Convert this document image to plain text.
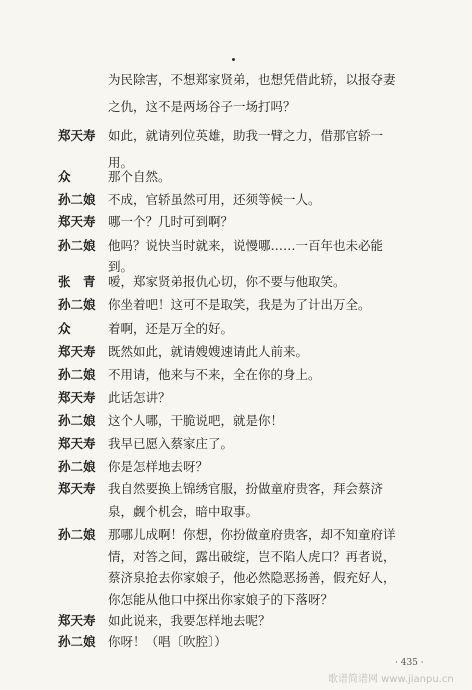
为民除害，不想郑家贤弟，也想凭借此轿，以报夺妻
之仇，这不是两场谷子一场打吗？
郑天寿 如此，就请列位英雄，助我一臂之力，借那官轿一
用。
众	那个自然。
孙二娘 不成，官轿虽然可用，还须等候一人。
郑天寿 哪一个？几时可到啊？
孙二娘 他吗？说快当时就来，说慢哪……一百年也未必能
到。
张　青 嗳，郑家贤弟报仇心切，你不要与他取笑。
孙二娘 你坐着吧！这可不是取笑，我是为了计出万全。
众	着啊，还是万全的好。
郑天寿 既然如此，就请嫂嫂速请此人前来。
孙二娘 不用请，他来与不来，全在你的身上。
郑天寿 此话怎讲？
孙二娘 这个人哪，干脆说吧，就是你！
郑天寿 我早已愿入蔡家庄了。
孙二娘 你是怎样地去呀？
郑天寿 我自然要换上锦绣官服，扮做童府贵客，拜会蔡济
泉，觑个机会，暗中取事。
孙二娘 那哪儿成啊！你想，你扮做童府贵客，却不知童府详
情，对答之间，露出破绽，岂不陷人虎口？再者说，
蔡济泉抢去你家娘子，他必然隐恶扬善，假充好人，
你怎能从他口中探出你家娘子的下落呀？
郑天寿 如此说来，我要怎样地去呢？
孙二娘 你呀！（唱〔吹腔〕）
· 435 ·
歌谱简谱网 www.jianpu.cn
